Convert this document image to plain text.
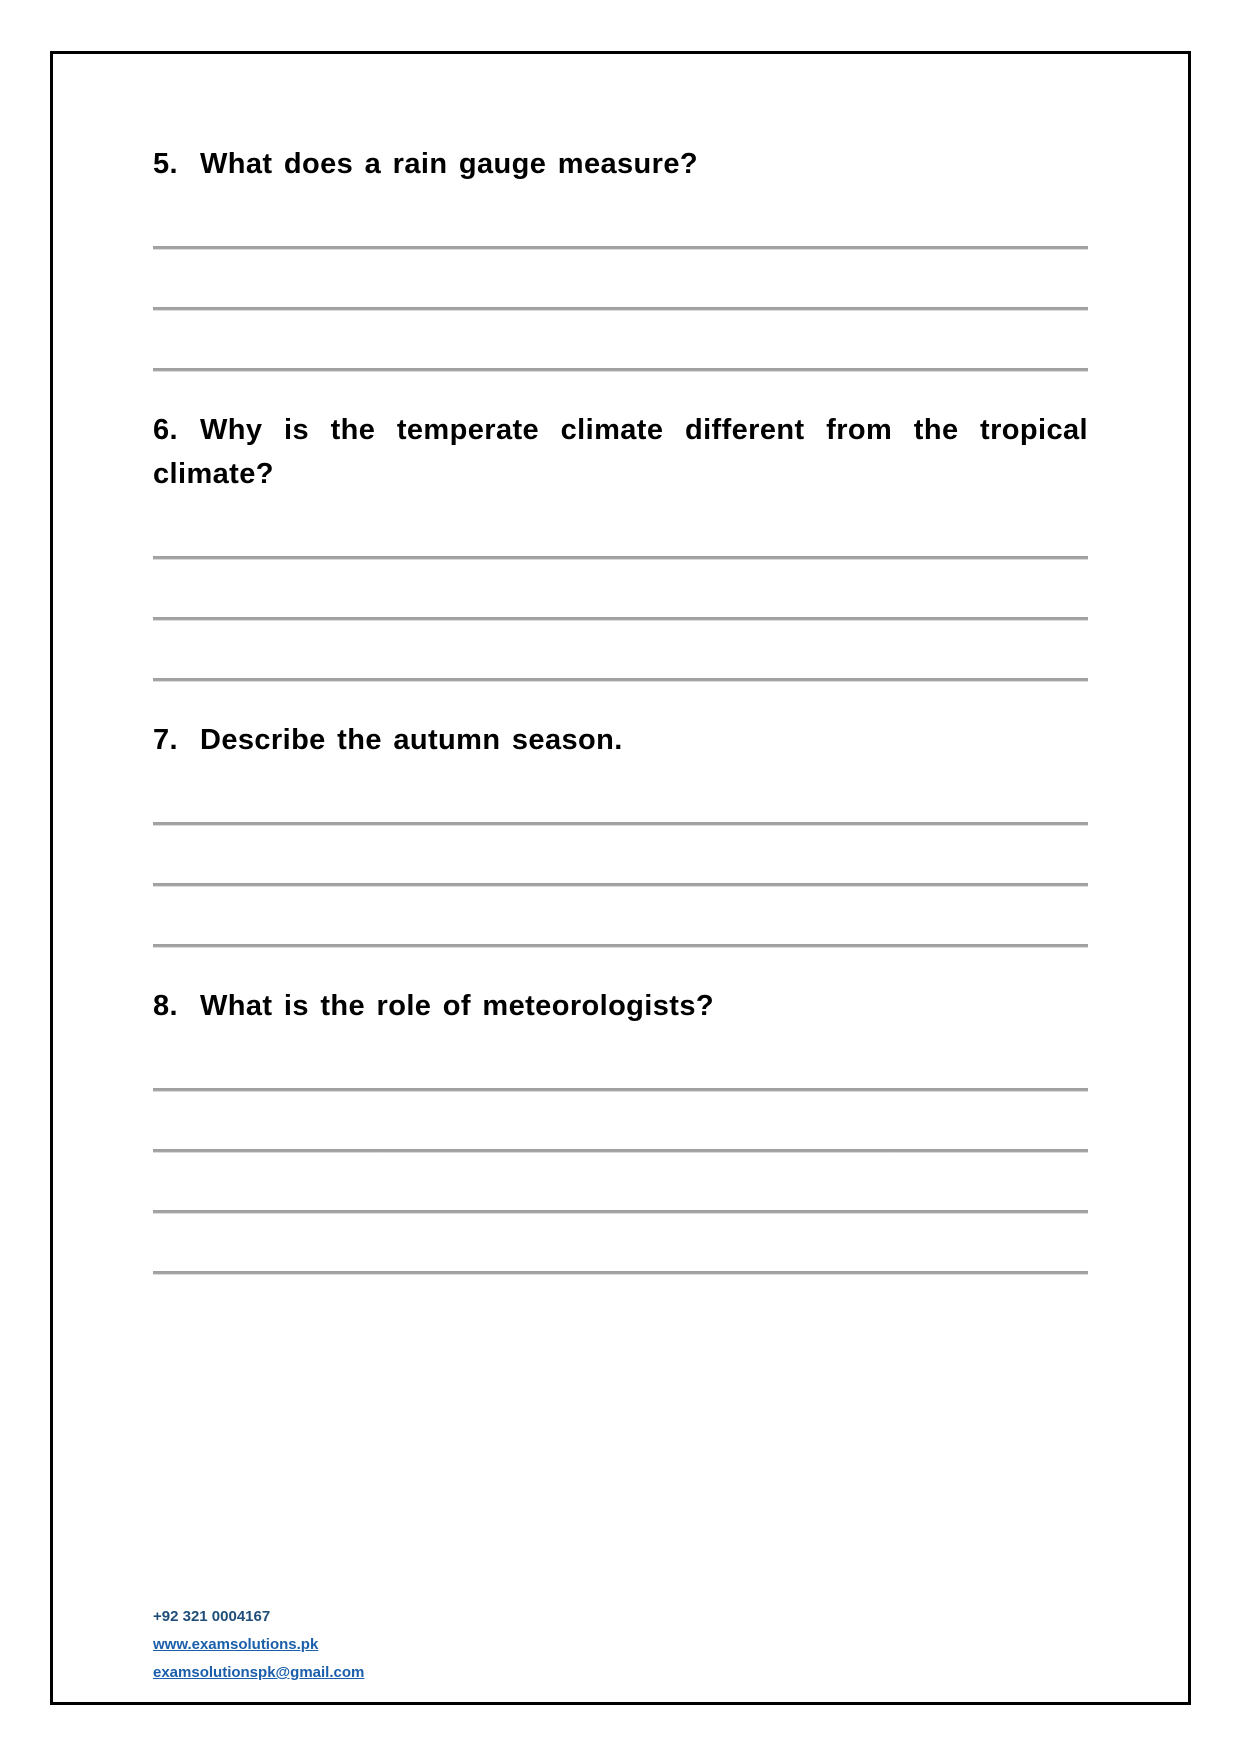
5. What does a rain gauge measure?
6. Why is the temperate climate different from the tropical climate?
7. Describe the autumn season.
8. What is the role of meteorologists?
+92 321 0004167
www.examsolutions.pk
examsolutionspk@gmail.com
